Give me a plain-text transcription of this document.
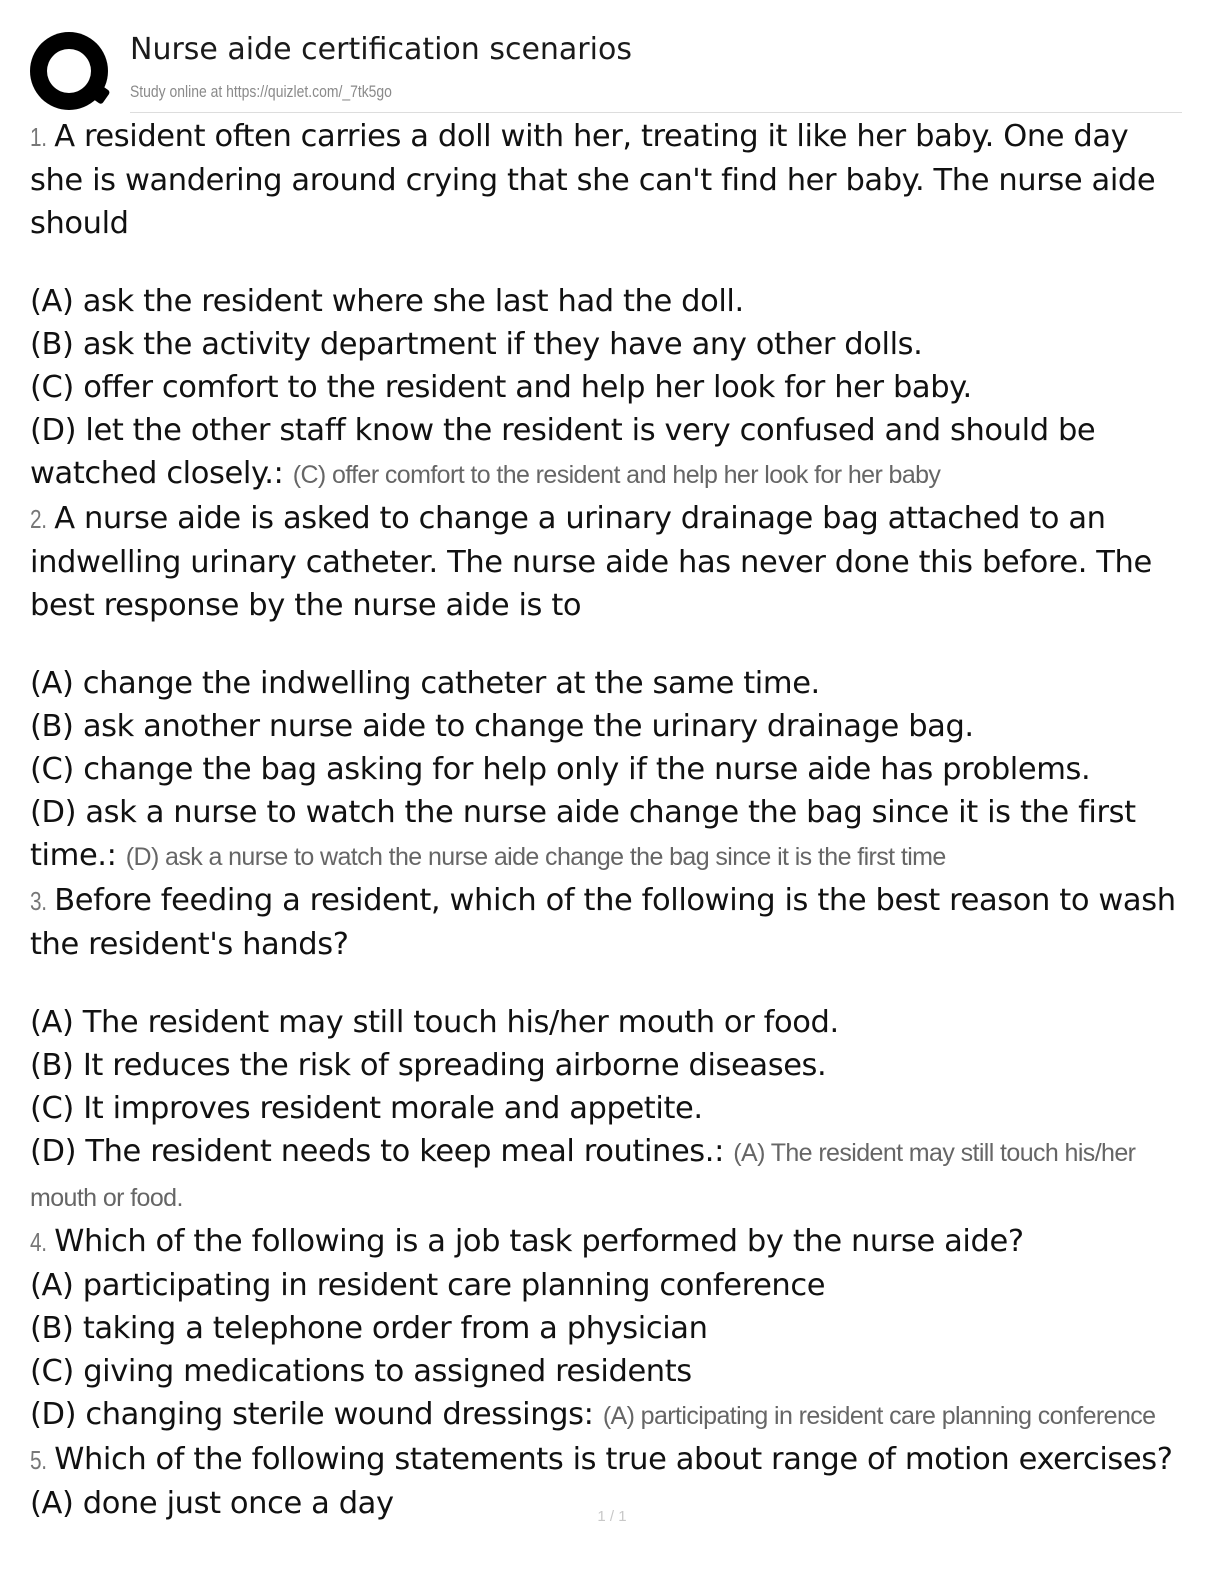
Nurse aide certification scenarios
Study online at https://quizlet.com/_7tk5go
1. A resident often carries a doll with her, treating it like her baby. One day she is wandering around crying that she can't find her baby. The nurse aide should
(A) ask the resident where she last had the doll.
(B) ask the activity department if they have any other dolls.
(C) offer comfort to the resident and help her look for her baby.
(D) let the other staff know the resident is very confused and should be watched closely.: (C) offer comfort to the resident and help her look for her baby
2. A nurse aide is asked to change a urinary drainage bag attached to an indwelling urinary catheter. The nurse aide has never done this before. The best response by the nurse aide is to
(A) change the indwelling catheter at the same time.
(B) ask another nurse aide to change the urinary drainage bag.
(C) change the bag asking for help only if the nurse aide has problems.
(D) ask a nurse to watch the nurse aide change the bag since it is the first time.: (D) ask a nurse to watch the nurse aide change the bag since it is the first time
3. Before feeding a resident, which of the following is the best reason to wash the resident's hands?
(A) The resident may still touch his/her mouth or food.
(B) It reduces the risk of spreading airborne diseases.
(C) It improves resident morale and appetite.
(D) The resident needs to keep meal routines.: (A) The resident may still touch his/her mouth or food.
4. Which of the following is a job task performed by the nurse aide?
(A) participating in resident care planning conference
(B) taking a telephone order from a physician
(C) giving medications to assigned residents
(D) changing sterile wound dressings: (A) participating in resident care planning conference
5. Which of the following statements is true about range of motion exercises?
(A) done just once a day	1 / 1
